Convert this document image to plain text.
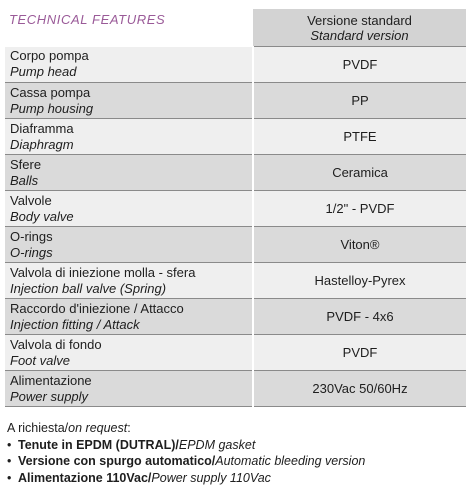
TECHNICAL FEATURES	Versione standard
Standard version

Corpo pompa
Pump head	PVDF

Cassa pompa
Pump housing	PP

Diaframma
Diaphragm	PTFE

Sfere
Balls	Ceramica

Valvole
Body valve	1/2" - PVDF

O-rings
O-rings	Viton®

Valvola di iniezione molla - sfera
Injection ball valve (Spring)	Hastelloy-Pyrex

Raccordo d'iniezione / Attacco
Injection fitting / Attack	PVDF - 4x6

Valvola di fondo
Foot valve	PVDF

Alimentazione
Power supply	230Vac 50/60Hz
A richiesta/on request:
• Tenute in EPDM (DUTRAL)/EPDM gasket
• Versione con spurgo automatico/Automatic bleeding version
• Alimentazione 110Vac/Power supply 110Vac
